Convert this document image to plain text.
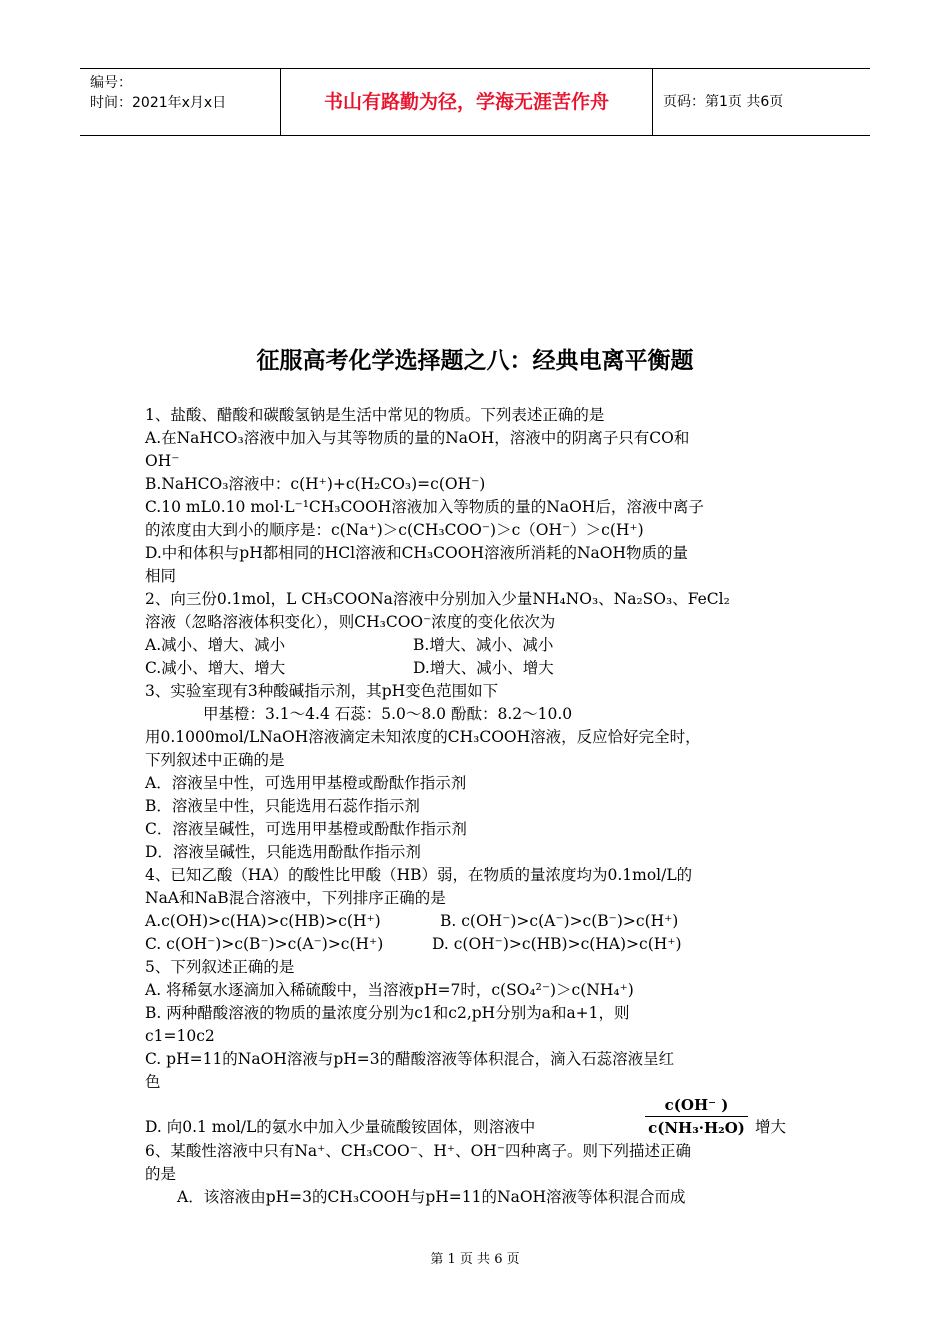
编号：
时间：2021年x月x日	书山有路勤为径，学海无涯苦作舟	页码：第1页 共6页
征服高考化学选择题之八：经典电离平衡题
1、盐酸、醋酸和碳酸氢钠是生活中常见的物质。下列表述正确的是
A.在NaHCO₃溶液中加入与其等物质的量的NaOH，溶液中的阴离子只有CO和
OH⁻
B.NaHCO₃溶液中：c(H⁺)+c(H₂CO₃)=c(OH⁻)
C.10 mL0.10 mol·L⁻¹CH₃COOH溶液加入等物质的量的NaOH后，溶液中离子
的浓度由大到小的顺序是：c(Na⁺)＞c(CH₃COO⁻)＞c（OH⁻）＞c(H⁺)
D.中和体积与pH都相同的HCl溶液和CH₃COOH溶液所消耗的NaOH物质的量
相同
2、向三份0.1mol，L CH₃COONa溶液中分别加入少量NH₄NO₃、Na₂SO₃、FeCl₂
溶液（忽略溶液体积变化），则CH₃COO⁻浓度的变化依次为
A.减小、增大、减小	B.增大、减小、减小
C.减小、增大、增大	D.增大、减小、增大
3、实验室现有3种酸碱指示剂，其pH变色范围如下
甲基橙：3.1～4.4 石蕊：5.0～8.0 酚酞：8.2～10.0
用0.1000mol/LNaOH溶液滴定未知浓度的CH₃COOH溶液，反应恰好完全时，
下列叙述中正确的是
A．溶液呈中性，可选用甲基橙或酚酞作指示剂
B．溶液呈中性，只能选用石蕊作指示剂
C．溶液呈碱性，可选用甲基橙或酚酞作指示剂
D．溶液呈碱性，只能选用酚酞作指示剂
4、已知乙酸（HA）的酸性比甲酸（HB）弱，在物质的量浓度均为0.1mol/L的
NaA和NaB混合溶液中，下列排序正确的是
A.c(OH)>c(HA)>c(HB)>c(H⁺)	B. c(OH⁻)>c(A⁻)>c(B⁻)>c(H⁺)
C. c(OH⁻)>c(B⁻)>c(A⁻)>c(H⁺)	D. c(OH⁻)>c(HB)>c(HA)>c(H⁺)
5、下列叙述正确的是
A. 将稀氨水逐滴加入稀硫酸中，当溶液pH=7时，c(SO₄²⁻)＞c(NH₄⁺)
B. 两种醋酸溶液的物质的量浓度分别为c1和c2,pH分别为a和a+1，则
c1=10c2
C. pH=11的NaOH溶液与pH=3的醋酸溶液等体积混合，滴入石蕊溶液呈红
色
D. 向0.1 mol/L的氨水中加入少量硫酸铵固体，则溶液中	$\frac{c(OH^- )}{\text{c(NH₃·H₂O)}}$ 增大
6、某酸性溶液中只有Na⁺、CH₃COO⁻、H⁺、OH⁻四种离子。则下列描述正确
的是
A．该溶液由pH=3的CH₃COOH与pH=11的NaOH溶液等体积混合而成
第 1 页 共 6 页
